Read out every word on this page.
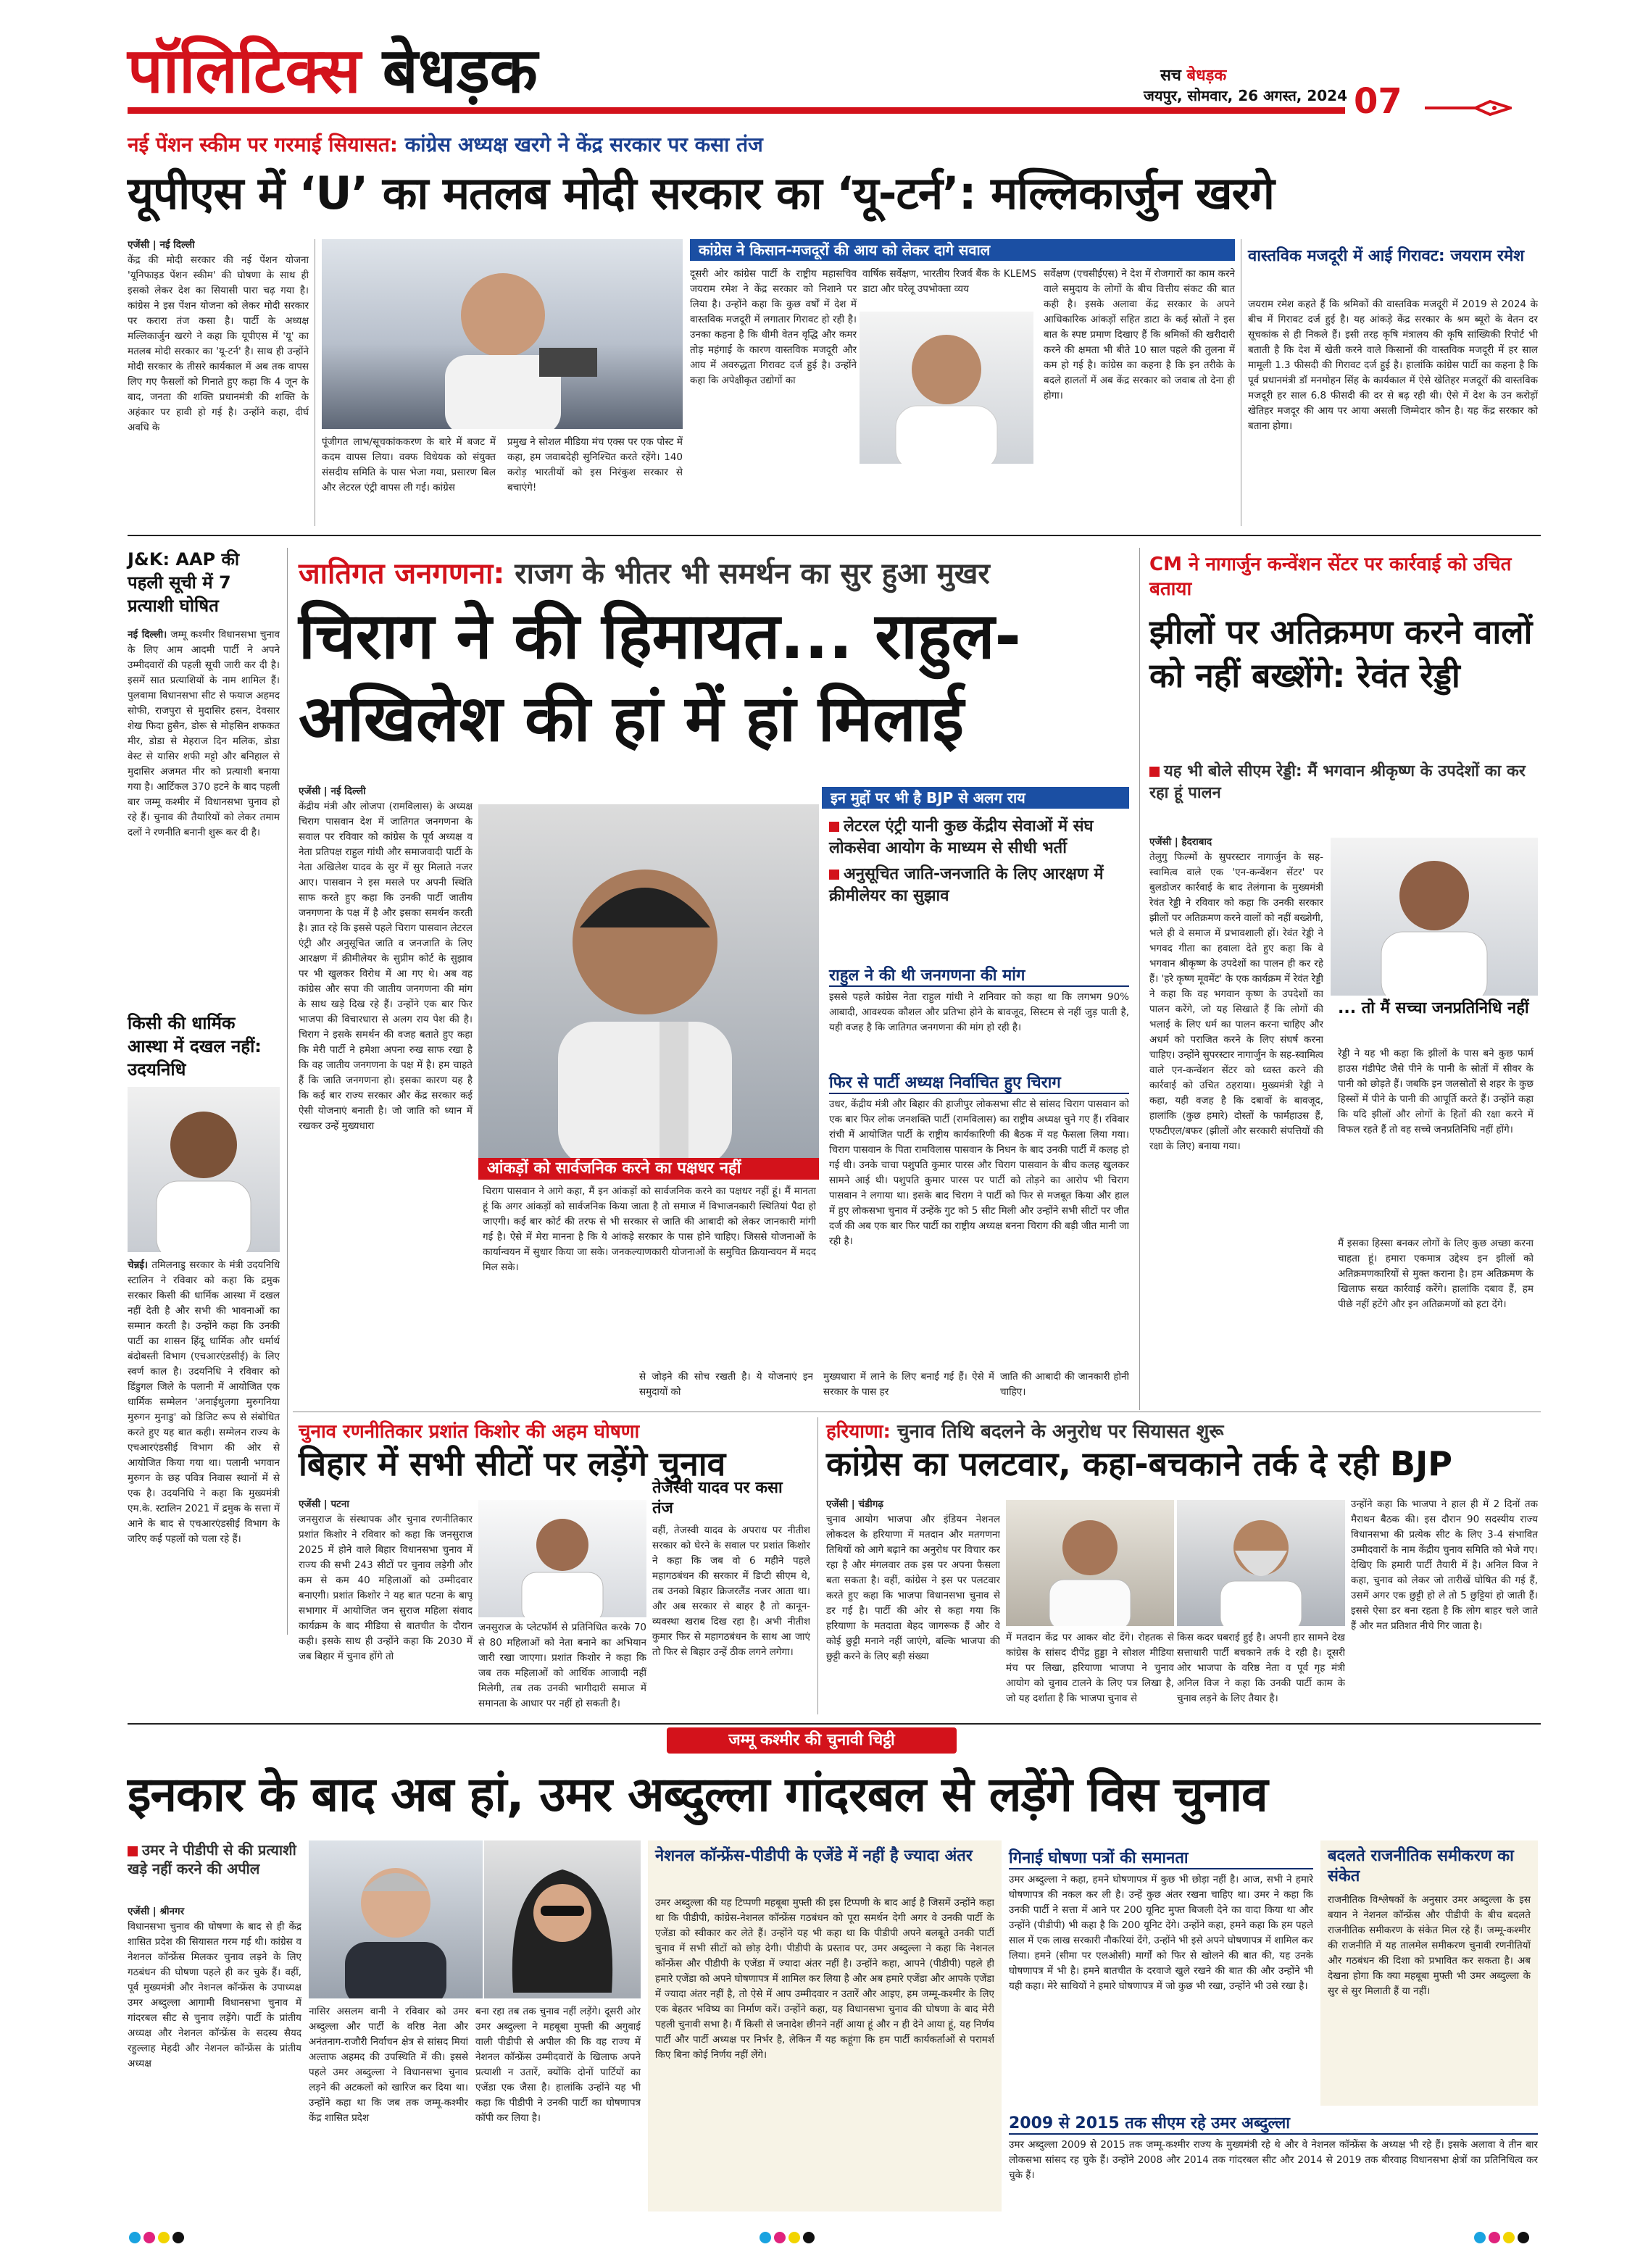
पॉलिटिक्स बेधड़क	सच बेधड़क
जयपुर, सोमवार, 26 अगस्त, 2024 07
नई पेंशन स्कीम पर गरमाई सियासत: कांग्रेस अध्यक्ष खरगे ने केंद्र सरकार पर कसा तंज
यूपीएस में ‘U’ का मतलब मोदी सरकार का ‘यू-टर्न’: मल्लिकार्जुन खरगे
एजेंसी | नई दिल्ली

केंद्र की मोदी सरकार की नई पेंशन योजना 'यूनिफाइड पेंशन स्कीम' की घोषणा के साथ ही इसको लेकर देश का सियासी पारा चढ़ गया है। कांग्रेस ने इस पेंशन योजना को लेकर मोदी सरकार पर करारा तंज कसा है। पार्टी के अध्यक्ष मल्लिकार्जुन खरगे ने कहा कि यूपीएस में 'यू' का मतलब मोदी सरकार का 'यू-टर्न' है। साथ ही उन्होंने मोदी सरकार के तीसरे कार्यकाल में अब तक वापस लिए गए फैसलों को गिनाते हुए कहा कि 4 जून के बाद, जनता की शक्ति प्रधानमंत्री की शक्ति के अहंकार पर हावी हो गई है। उन्होंने कहा, दीर्घ अवधि के

पूंजीगत लाभ/सूचकांककरण के बारे में बजट में कदम वापस लिया। वक्फ विधेयक को संयुक्त संसदीय समिति के पास भेजा गया, प्रसारण बिल और लेटरल एंट्री वापस ली गई। कांग्रेस
प्रमुख ने सोशल मीडिया मंच एक्स पर एक पोस्ट में कहा, हम जवाबदेही सुनिश्चित करते रहेंगे। 140 करोड़ भारतीयों को इस निरंकुश सरकार से बचाएंगे!
कांग्रेस ने किसान-मजदूरों की आय को लेकर दागे सवाल
दूसरी ओर कांग्रेस पार्टी के राष्ट्रीय महासचिव जयराम रमेश ने केंद्र सरकार को निशाने पर लिया है। उन्होंने कहा कि कुछ वर्षों में देश में वास्तविक मजदूरी में लगातार गिरावट हो रही है। उनका कहना है कि धीमी वेतन वृद्धि और कमर तोड़ महंगाई के कारण वास्तविक मजदूरी और आय में अवरुद्धता गिरावट दर्ज हुई है। उन्होंने कहा कि अपेक्षीकृत उद्योगों का
वार्षिक सर्वेक्षण, भारतीय रिजर्व बैंक के KLEMS डाटा और घरेलू उपभोक्ता व्यय
सर्वेक्षण (एचसीईएस) ने देश में रोजगारों का काम करने वाले समुदाय के लोगों के बीच वित्तीय संकट की बात कही है। इसके अलावा केंद्र सरकार के अपने आधिकारिक आंकड़ों सहित डाटा के कई स्रोतों ने इस बात के स्पष्ट प्रमाण दिखाए हैं कि श्रमिकों की खरीदारी करने की क्षमता भी बीते 10 साल पहले की तुलना में कम हो गई है। कांग्रेस का कहना है कि इन तरीके के बदले हालतों में अब केंद्र सरकार को जवाब तो देना ही होगा।
वास्तविक मजदूरी में आई गिरावट: जयराम रमेश
जयराम रमेश कहते हैं कि श्रमिकों की वास्तविक मजदूरी में 2019 से 2024 के बीच में गिरावट दर्ज हुई है। यह आंकड़े केंद्र सरकार के श्रम ब्यूरो के वेतन दर सूचकांक से ही निकले हैं। इसी तरह कृषि मंत्रालय की कृषि सांख्यिकी रिपोर्ट भी बताती है कि देश में खेती करने वाले किसानों की वास्तविक मजदूरी में हर साल मामूली 1.3 फीसदी की गिरावट दर्ज हुई है। हालांकि कांग्रेस पार्टी का कहना है कि पूर्व प्रधानमंत्री डॉ मनमोहन सिंह के कार्यकाल में ऐसे खेतिहर मजदूरों की वास्तविक मजदूरी हर साल 6.8 फीसदी की दर से बढ़ रही थी। ऐसे में देश के उन करोड़ों खेतिहर मजदूर की आय पर आया असली जिम्मेदार कौन है। यह केंद्र सरकार को बताना होगा।
J&K: AAP की पहली सूची में 7 प्रत्याशी घोषित
नई दिल्ली। जम्मू कश्मीर विधानसभा चुनाव के लिए आम आदमी पार्टी ने अपने उम्मीदवारों की पहली सूची जारी कर दी है। इसमें सात प्रत्याशियों के नाम शामिल हैं। पुलवामा विधानसभा सीट से फयाज अहमद सोफी, राजपुरा से मुदासिर हसन, देवसार शेख फिदा हुसैन, डोरू से मोहसिन शफकत मीर, डोडा से मेहराज दिन मलिक, डोडा वेस्ट से यासिर शफी मट्टो और बनिहाल से मुदासिर अजमत मीर को प्रत्याशी बनाया गया है। आर्टिकल 370 हटने के बाद पहली बार जम्मू कश्मीर में विधानसभा चुनाव हो रहे हैं। चुनाव की तैयारियों को लेकर तमाम दलों ने रणनीति बनानी शुरू कर दी है।
किसी की धार्मिक आस्था में दखल नहीं: उदयनिधि
चेन्नई। तमिलनाडु सरकार के मंत्री उदयनिधि स्टालिन ने रविवार को कहा कि द्रमुक सरकार किसी की धार्मिक आस्था में दखल नहीं देती है और सभी की भावनाओं का सम्मान करती है। उन्होंने कहा कि उनकी पार्टी का शासन हिंदू धार्मिक और धर्मार्थ बंदोबस्ती विभाग (एचआरएंडसीई) के लिए स्वर्ण काल है। उदयनिधि ने रविवार को डिंडुगल जिले के पलानी में आयोजित एक धार्मिक सम्मेलन 'अनाईथुलगा मुरुगनिया मुरुगन मुनाडु' को डिजिट रूप से संबोधित करते हुए यह बात कही। सम्मेलन राज्य के एचआरएंडसीई विभाग की ओर से आयोजित किया गया था। पलानी भगवान मुरुगन के छह पवित्र निवास स्थानों में से एक है। उदयनिधि ने कहा कि मुख्यमंत्री एम.के. स्टालिन 2021 में द्रमुक के सत्ता में आने के बाद से एचआरएंडसीई विभाग के जरिए कई पहलों को चला रहे हैं।
जातिगत जनगणना: राजग के भीतर भी समर्थन का सुर हुआ मुखर
चिराग ने की हिमायत... राहुल-
अखिलेश की हां में हां मिलाई
एजेंसी | नई दिल्ली

केंद्रीय मंत्री और लोजपा (रामविलास) के अध्यक्ष चिराग पासवान देश में जातिगत जनगणना के सवाल पर रविवार को कांग्रेस के पूर्व अध्यक्ष व नेता प्रतिपक्ष राहुल गांधी और समाजवादी पार्टी के नेता अखिलेश यादव के सुर में सुर मिलाते नजर आए। पासवान ने इस मसले पर अपनी स्थिति साफ करते हुए कहा कि उनकी पार्टी जातीय जनगणना के पक्ष में है और इसका समर्थन करती है। ज्ञात रहे कि इससे पहले चिराग पासवान लेटरल एंट्री और अनुसूचित जाति व जनजाति के लिए आरक्षण में क्रीमीलेयर के सुप्रीम कोर्ट के सुझाव पर भी खुलकर विरोध में आ गए थे। अब वह कांग्रेस और सपा की जातीय जनगणना की मांग के साथ खड़े दिख रहे हैं। उन्होंने एक बार फिर भाजपा की विचारधारा से अलग राय पेश की है। चिराग ने इसके समर्थन की वजह बताते हुए कहा कि मेरी पार्टी ने हमेशा अपना रुख साफ रखा है कि वह जातीय जनगणना के पक्ष में है। हम चाहते हैं कि जाति जनगणना हो। इसका कारण यह है कि कई बार राज्य सरकार और केंद्र सरकार कई ऐसी योजनाएं बनाती है। जो जाति को ध्यान में रखकर उन्हें मुख्यधारा

इन मुद्दों पर भी है BJP से अलग राय
लेटरल एंट्री यानी कुछ केंद्रीय सेवाओं में संघ लोकसेवा आयोग के माध्यम से सीधी भर्ती
अनुसूचित जाति-जनजाति के लिए आरक्षण में क्रीमीलेयर का सुझाव
आंकड़ों को सार्वजनिक करने का पक्षधर नहीं
चिराग पासवान ने आगे कहा, मैं इन आंकड़ों को सार्वजनिक करने का पक्षधर नहीं हूं। मैं मानता हूं कि अगर आंकड़ों को सार्वजनिक किया जाता है तो समाज में विभाजनकारी स्थितियां पैदा हो जाएगी। कई बार कोर्ट की तरफ से भी सरकार से जाति की आबादी को लेकर जानकारी मांगी गई है। ऐसे में मेरा मानना है कि ये आंकड़े सरकार के पास होने चाहिए। जिससे योजनाओं के कार्यान्वयन में सुधार किया जा सके। जनकल्याणकारी योजनाओं के समुचित क्रियान्वयन में मदद मिल सके।
राहुल ने की थी जनगणना की मांग
इससे पहले कांग्रेस नेता राहुल गांधी ने शनिवार को कहा था कि लगभग 90% आबादी, आवश्यक कौशल और प्रतिभा होने के बावजूद, सिस्टम से नहीं जुड़ पाती है, यही वजह है कि जातिगत जनगणना की मांग हो रही है।
फिर से पार्टी अध्यक्ष निर्वाचित हुए चिराग
उधर, केंद्रीय मंत्री और बिहार की हाजीपुर लोकसभा सीट से सांसद चिराग पासवान को एक बार फिर लोक जनशक्ति पार्टी (रामविलास) का राष्ट्रीय अध्यक्ष चुने गए हैं। रविवार रांची में आयोजित पार्टी के राष्ट्रीय कार्यकारिणी की बैठक में यह फैसला लिया गया। चिराग पासवान के पिता रामविलास पासवान के निधन के बाद उनकी पार्टी में कलह हो गई थी। उनके चाचा पशुपति कुमार पारस और चिराग पासवान के बीच कलह खुलकर सामने आई थी। पशुपति कुमार पारस पर पार्टी को तोड़ने का आरोप भी चिराग पासवान ने लगाया था। इसके बाद चिराग ने पार्टी को फिर से मजबूत किया और हाल में हुए लोकसभा चुनाव में उन्हेंके गुट को 5 सीट मिली और उन्होंने सभी सीटों पर जीत दर्ज की अब एक बार फिर पार्टी का राष्ट्रीय अध्यक्ष बनना चिराग की बड़ी जीत मानी जा रही है।
से जोड़ने की सोच रखती है। ये योजनाएं इन समुदायों को
मुख्यधारा में लाने के लिए बनाई गई हैं। ऐसे में सरकार के पास हर
जाति की आबादी की जानकारी होनी चाहिए।
CM ने नागार्जुन कन्वेंशन सेंटर पर कार्रवाई को उचित बताया
झीलों पर अतिक्रमण करने वालों को नहीं बख्शेंगे: रेवंत रेड्डी
यह भी बोले सीएम रेड्डी: मैं भगवान श्रीकृष्ण के उपदेशों का कर रहा हूं पालन
एजेंसी | हैदराबाद

तेलुगु फिल्मों के सुपरस्टार नागार्जुन के सह-स्वामित्व वाले एक 'एन-कन्वेंशन सेंटर' पर बुलडोजर कार्रवाई के बाद तेलंगाना के मुख्यमंत्री रेवंत रेड्डी ने रविवार को कहा कि उनकी सरकार झीलों पर अतिक्रमण करने वालों को नहीं बख्शेगी, भले ही वे समाज में प्रभावशाली हों। रेवंत रेड्डी ने भगवद गीता का हवाला देते हुए कहा कि वे भगवान श्रीकृष्ण के उपदेशों का पालन ही कर रहे हैं। 'हरे कृष्ण मूवमेंट' के एक कार्यक्रम में रेवंत रेड्डी ने कहा कि वह भगवान कृष्ण के उपदेशों का पालन करेंगे, जो यह सिखाते हैं कि लोगों की भलाई के लिए धर्म का पालन करना चाहिए और अधर्म को पराजित करने के लिए संघर्ष करना चाहिए। उन्होंने सुपरस्टार नागार्जुन के सह-स्वामित्व वाले एन-कन्वेंशन सेंटर को ध्वस्त करने की कार्रवाई को उचित ठहराया। मुख्यमंत्री रेड्डी ने कहा, यही वजह है कि दबावों के बावजूद, हालांकि (कुछ हमारे) दोस्तों के फार्महाउस हैं, एफटीएल/बफर (झीलों और सरकारी संपत्तियों की रक्षा के लिए) बनाया गया।

... तो मैं सच्चा जनप्रतिनिधि नहीं
रेड्डी ने यह भी कहा कि झीलों के पास बने कुछ फार्म हाउस गंडीपेट जैसे पीने के पानी के स्रोतों में सीवर के पानी को छोड़ते हैं। जबकि इन जलस्रोतों से शहर के कुछ हिस्सों में पीने के पानी की आपूर्ति करते हैं। उन्होंने कहा कि यदि झीलों और लोगों के हितों की रक्षा करने में विफल रहते हैं तो वह सच्चे जनप्रतिनिधि नहीं होंगे।
मैं इसका हिस्सा बनकर लोगों के लिए कुछ अच्छा करना चाहता हूं। हमारा एकमात्र उद्देश्य इन झीलों को अतिक्रमणकारियों से मुक्त कराना है। हम अतिक्रमण के खिलाफ सख्त कार्रवाई करेंगे। हालांकि दबाव हैं, हम पीछे नहीं हटेंगे और इन अतिक्रमणों को हटा देंगे।
चुनाव रणनीतिकार प्रशांत किशोर की अहम घोषणा
बिहार में सभी सीटों पर लड़ेंगे चुनाव
एजेंसी | पटना

जनसुराज के संस्थापक और चुनाव रणनीतिकार प्रशांत किशोर ने रविवार को कहा कि जनसुराज 2025 में होने वाले बिहार विधानसभा चुनाव में राज्य की सभी 243 सीटों पर चुनाव लड़ेगी और कम से कम 40 महिलाओं को उम्मीदवार बनाएगी। प्रशांत किशोर ने यह बात पटना के बापू सभागार में आयोजित जन सुराज महिला संवाद कार्यक्रम के बाद मीडिया से बातचीत के दौरान कही। इसके साथ ही उन्होंने कहा कि 2030 में जब बिहार में चुनाव होंगे तो

जनसुराज के प्लेटफॉर्म से प्रतिनिधित करके 70 से 80 महिलाओं को नेता बनाने का अभियान जारी रखा जाएगा। प्रशांत किशोर ने कहा कि जब तक महिलाओं को आर्थिक आजादी नहीं मिलेगी, तब तक उनकी भागीदारी समाज में समानता के आधार पर नहीं हो सकती है।
तेजस्वी यादव पर कसा तंज
वहीं, तेजस्वी यादव के अपराध पर नीतीश सरकार को घेरने के सवाल पर प्रशांत किशोर ने कहा कि जब वो 6 महीने पहले महागठबंधन की सरकार में डिप्टी सीएम थे, तब उनको बिहार क्रिजरलैंड नजर आता था। और अब सरकार से बाहर है तो कानून-व्यवस्था खराब दिख रहा है। अभी नीतीश कुमार फिर से महागठबंधन के साथ आ जाएं तो फिर से बिहार उन्हें ठीक लगने लगेगा।
हरियाणा: चुनाव तिथि बदलने के अनुरोध पर सियासत शुरू
कांग्रेस का पलटवार, कहा-बचकाने तर्क दे रही BJP
एजेंसी | चंडीगढ़

चुनाव आयोग भाजपा और इंडियन नेशनल लोकदल के हरियाणा में मतदान और मतगणना तिथियों को आगे बढ़ाने का अनुरोध पर विचार कर रहा है और मंगलवार तक इस पर अपना फैसला बता सकता है। वहीं, कांग्रेस ने इस पर पलटवार करते हुए कहा कि भाजपा विधानसभा चुनाव से डर गई है। पार्टी की ओर से कहा गया कि हरियाणा के मतदाता बेहद जागरूक हैं और वे कोई छुट्टी मनाने नहीं जाएंगे, बल्कि भाजपा की छुट्टी करने के लिए बड़ी संख्या

में मतदान केंद्र पर आकर वोट देंगे। रोहतक से कांग्रेस के सांसद दीपेंद्र हुड्डा ने सोशल मीडिया मंच पर लिखा, हरियाणा भाजपा ने चुनाव आयोग को चुनाव टालने के लिए पत्र लिखा है, जो यह दर्शाता है कि भाजपा चुनाव से
किस कदर घबराई हुई है। अपनी हार सामने देख सत्ताधारी पार्टी बचकाने तर्क दे रही है। दूसरी ओर भाजपा के वरिष्ठ नेता व पूर्व गृह मंत्री अनिल विज ने कहा कि उनकी पार्टी काम के चुनाव लड़ने के लिए तैयार है।
उन्होंने कहा कि भाजपा ने हाल ही में 2 दिनों तक मैराथन बैठक की। इस दौरान 90 सदस्यीय राज्य विधानसभा की प्रत्येक सीट के लिए 3-4 संभावित उम्मीदवारों के नाम केंद्रीय चुनाव समिति को भेजे गए। देखिए कि हमारी पार्टी तैयारी में है। अनिल विज ने कहा, चुनाव को लेकर जो तारीखें घोषित की गई हैं, उसमें अगर एक छुट्टी हो ले तो 5 छुट्टियां हो जाती हैं। इससे ऐसा डर बना रहता है कि लोग बाहर चले जाते हैं और मत प्रतिशत नीचे गिर जाता है।
जम्मू कश्मीर की चुनावी चिट्ठी
इनकार के बाद अब हां, उमर अब्दुल्ला गांदरबल से लड़ेंगे विस चुनाव
उमर ने पीडीपी से की प्रत्याशी खड़े नहीं करने की अपील
एजेंसी | श्रीनगर

विधानसभा चुनाव की घोषणा के बाद से ही केंद्र शासित प्रदेश की सियासत गरम गई थी। कांग्रेस व नेशनल कॉन्फ्रेंस मिलकर चुनाव लड़ने के लिए गठबंधन की घोषणा पहले ही कर चुके हैं। वहीं, पूर्व मुख्यमंत्री और नेशनल कॉन्फ्रेंस के उपाध्यक्ष उमर अब्दुल्ला आगामी विधानसभा चुनाव में गांदरबल सीट से चुनाव लड़ेंगे। पार्टी के प्रांतीय अध्यक्ष और नेशनल कॉन्फ्रेंस के सदस्य सैयद रहुल्लाह मेहदी और नेशनल कॉन्फ्रेंस के प्रांतीय अध्यक्ष

नासिर असलम वानी ने रविवार को उमर अब्दुल्ला और पार्टी के वरिष्ठ नेता और अनंतनाग-राजौरी निर्वाचन क्षेत्र से सांसद मियां अल्ताफ अहमद की उपस्थिति में की। इससे पहले उमर अब्दुल्ला ने विधानसभा चुनाव लड़ने की अटकलों को खारिज कर दिया था। उन्होंने कहा था कि जब तक जम्मू-कश्मीर केंद्र शासित प्रदेश
बना रहा तब तक चुनाव नहीं लड़ेंगे। दूसरी ओर उमर अब्दुल्ला ने महबूबा मुफ्ती की अगुवाई वाली पीडीपी से अपील की कि वह राज्य में नेशनल कॉन्फ्रेंस उम्मीदवारों के खिलाफ अपने प्रत्याशी न उतारें, क्योंकि दोनों पार्टियों का एजेंडा एक जैसा है। हालांकि उन्होंने यह भी कहा कि पीडीपी ने उनकी पार्टी का घोषणापत्र कॉपी कर लिया है।
नेशनल कॉन्फ्रेंस-पीडीपी के एजेंडे में नहीं है ज्यादा अंतर
उमर अब्दुल्ला की यह टिप्पणी महबूबा मुफ्ती की इस टिप्पणी के बाद आई है जिसमें उन्होंने कहा था कि पीडीपी, कांग्रेस-नेशनल कॉन्फ्रेंस गठबंधन को पूरा समर्थन देगी अगर वे उनकी पार्टी के एजेंडा को स्वीकार कर लेते हैं। उन्होंने यह भी कहा था कि पीडीपी अपने बलबूते उनकी पार्टी चुनाव में सभी सीटों को छोड़ देगी। पीडीपी के प्रस्ताव पर, उमर अब्दुल्ला ने कहा कि नेशनल कॉन्फ्रेंस और पीडीपी के एजेंडा में ज्यादा अंतर नहीं है। उन्होंने कहा, आपने (पीडीपी) पहले ही हमारे एजेंडा को अपने घोषणापत्र में शामिल कर लिया है और अब हमारे एजेंडा और आपके एजेंडा में ज्यादा अंतर नहीं है, तो ऐसे में आप उम्मीदवार न उतारें और आइए, हम जम्मू-कश्मीर के लिए एक बेहतर भविष्य का निर्माण करें। उन्होंने कहा, यह विधानसभा चुनाव की घोषणा के बाद मेरी पहली चुनावी सभा है। मैं किसी से जनादेश छीनने नहीं आया हूं और न ही देने आया हूं, यह निर्णय पार्टी और पार्टी अध्यक्ष पर निर्भर है, लेकिन मैं यह कहूंगा कि हम पार्टी कार्यकर्ताओं से परामर्श किए बिना कोई निर्णय नहीं लेंगे।
गिनाई घोषणा पत्रों की समानता
उमर अब्दुल्ला ने कहा, हमने घोषणापत्र में कुछ भी छोड़ा नहीं है। आज, सभी ने हमारे घोषणापत्र की नकल कर ली है। उन्हें कुछ अंतर रखना चाहिए था। उमर ने कहा कि उनकी पार्टी ने सत्ता में आने पर 200 यूनिट मुफ्त बिजली देने का वादा किया था और उन्होंने (पीडीपी) भी कहा है कि 200 यूनिट देंगे। उन्होंने कहा, हमने कहा कि हम पहले साल में एक लाख सरकारी नौकरियां देंगे, उन्होंने भी इसे अपने घोषणापत्र में शामिल कर लिया। हमने (सीमा पर एलओसी) मार्गों को फिर से खोलने की बात की, यह उनके घोषणापत्र में भी है। हमने बातचीत के दरवाजे खुले रखने की बात की और उन्होंने भी यही कहा। मेरे साथियों ने हमारे घोषणापत्र में जो कुछ भी रखा, उन्होंने भी उसे रखा है।
2009 से 2015 तक सीएम रहे उमर अब्दुल्ला
उमर अब्दुल्ला 2009 से 2015 तक जम्मू-कश्मीर राज्य के मुख्यमंत्री रहे थे और वे नेशनल कॉन्फ्रेंस के अध्यक्ष भी रहे हैं। इसके अलावा वे तीन बार लोकसभा सांसद रह चुके हैं। उन्होंने 2008 और 2014 तक गांदरबल सीट और 2014 से 2019 तक बीरवाह विधानसभा क्षेत्रों का प्रतिनिधित्व कर चुके हैं।
बदलते राजनीतिक समीकरण का संकेत
राजनीतिक विश्लेषकों के अनुसार उमर अब्दुल्ला के इस बयान ने नेशनल कॉन्फ्रेंस और पीडीपी के बीच बदलते राजनीतिक समीकरण के संकेत मिल रहे हैं। जम्मू-कश्मीर की राजनीति में यह तालमेल समीकरण चुनावी रणनीतियों और गठबंधन की दिशा को प्रभावित कर सकता है। अब देखना होगा कि क्या महबूबा मुफ्ती भी उमर अब्दुल्ला के सुर से सुर मिलाती हैं या नहीं।
